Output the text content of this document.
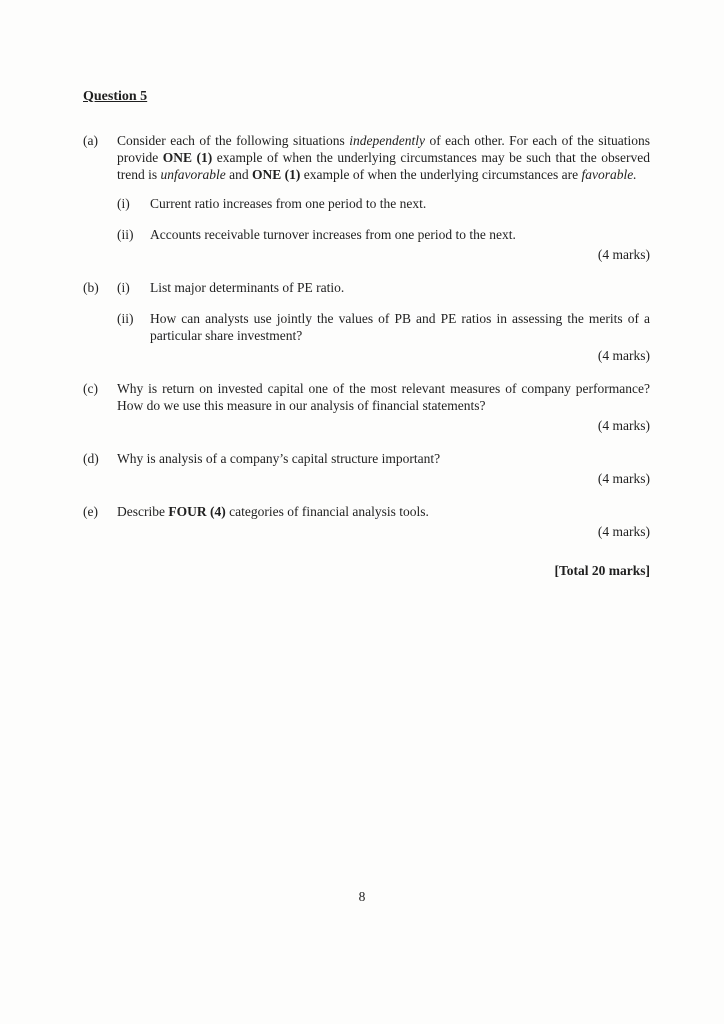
Question 5
(a)	Consider each of the following situations independently of each other. For each of the situations provide ONE (1) example of when the underlying circumstances may be such that the observed trend is unfavorable and ONE (1) example of when the underlying circumstances are favorable.

(i)	Current ratio increases from one period to the next.

(ii)	Accounts receivable turnover increases from one period to the next.

(4 marks)
(b)	(i)	List major determinants of PE ratio.

(ii)	How can analysts use jointly the values of PB and PE ratios in assessing the merits of a particular share investment?

(4 marks)
(c)	Why is return on invested capital one of the most relevant measures of company performance? How do we use this measure in our analysis of financial statements?

(4 marks)
(d)	Why is analysis of a company’s capital structure important?

(4 marks)
(e)	Describe FOUR (4) categories of financial analysis tools.

(4 marks)
[Total 20 marks]
8
